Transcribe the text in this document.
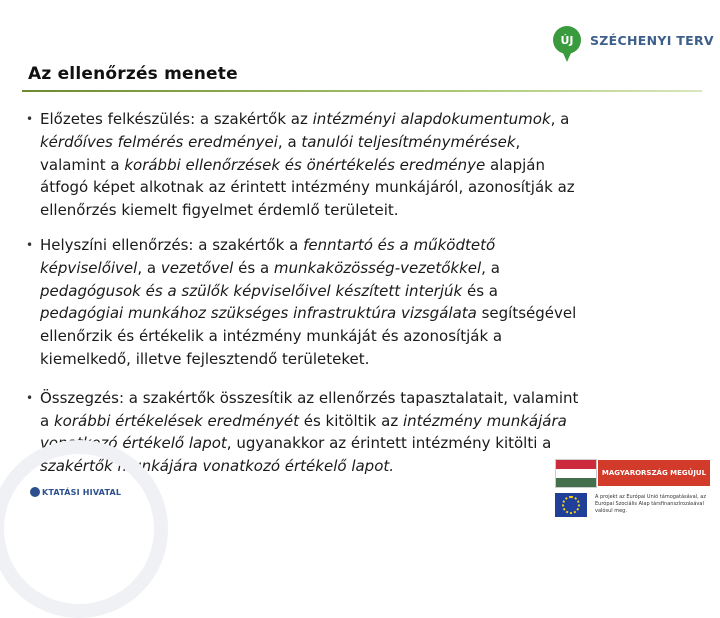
ÚJ SZÉCHENYI TERV
Az ellenőrzés menete
• Előzetes felkészülés: a szakértők az intézményi alapdokumentumok, a
kérdőíves felmérés eredményei, a tanulói teljesítménymérések,
valamint a korábbi ellenőrzések és önértékelés eredménye alapján
átfogó képet alkotnak az érintett intézmény munkájáról, azonosítják az
ellenőrzés kiemelt figyelmet érdemlő területeit.
• Helyszíni ellenőrzés: a szakértők a fenntartó és a működtető
képviselőivel, a vezetővel és a munkaközösség-vezetőkkel, a
pedagógusok és a szülők képviselőivel készített interjúk és a
pedagógiai munkához szükséges infrastruktúra vizsgálata segítségével
ellenőrzik és értékelik a intézmény munkáját és azonosítják a
kiemelkedő, illetve fejlesztendő területeket.
• Összegzés: a szakértők összesítik az ellenőrzés tapasztalatait, valamint
a korábbi értékelések eredményét és kitöltik az intézmény munkájára
vonatkozó értékelő lapot, ugyanakkor az érintett intézmény kitölti a
szakértők munkájára vonatkozó értékelő lapot.
KTATÁSI HIVATAL
MAGYARORSZÁG MEGÚJUL
A projekt az Európai Unió támogatásával, az Európai Szociális Alap társfinanszírozásával valósul meg.
